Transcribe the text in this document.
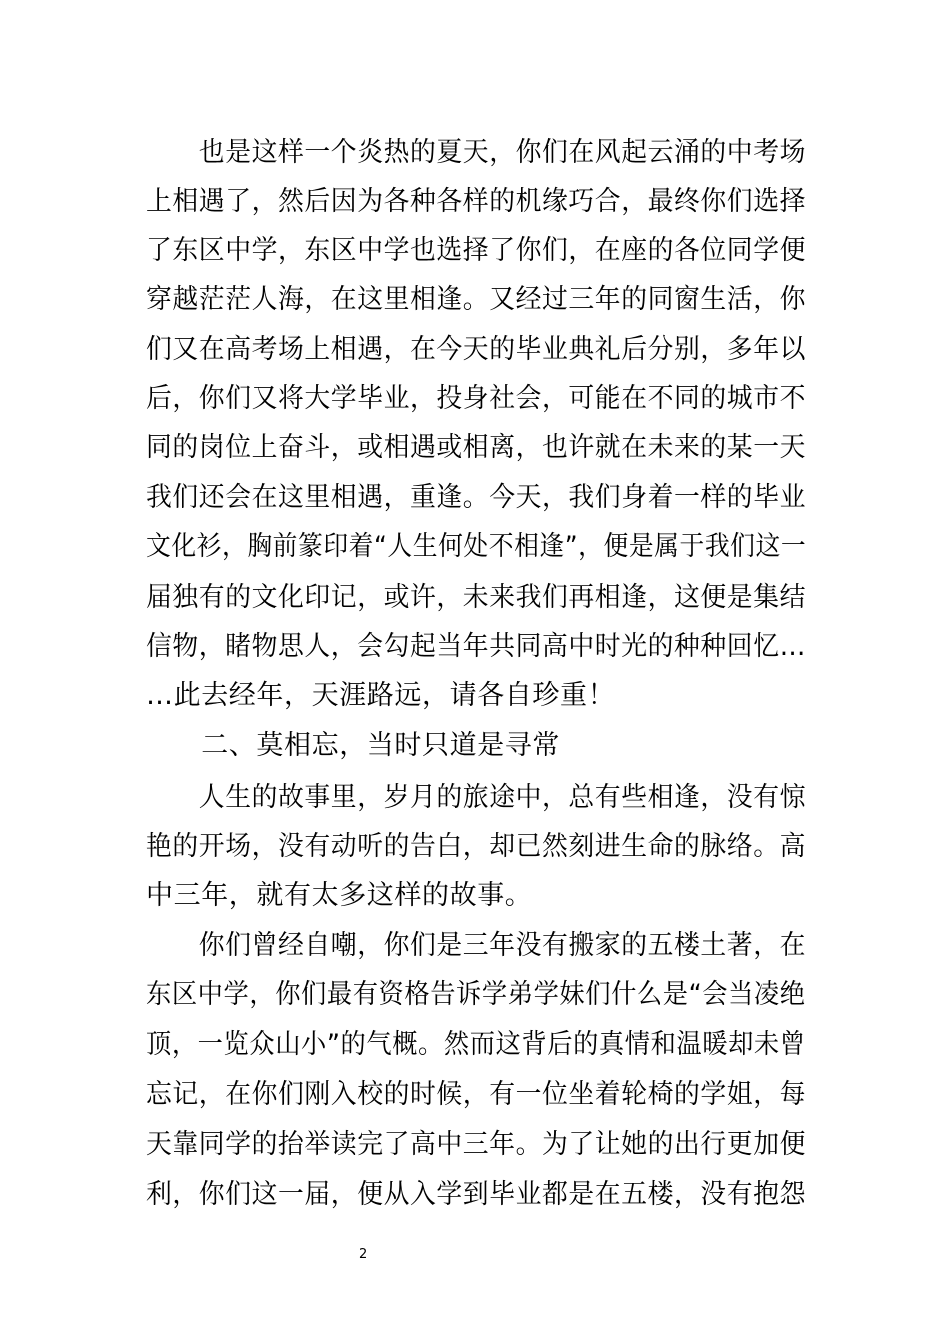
　　也是这样一个炎热的夏天，你们在风起云涌的中考场
上相遇了，然后因为各种各样的机缘巧合，最终你们选择
了东区中学，东区中学也选择了你们，在座的各位同学便
穿越茫茫人海，在这里相逢。又经过三年的同窗生活，你
们又在高考场上相遇，在今天的毕业典礼后分别，多年以
后，你们又将大学毕业，投身社会，可能在不同的城市不
同的岗位上奋斗，或相遇或相离，也许就在未来的某一天
我们还会在这里相遇，重逢。今天，我们身着一样的毕业
文化衫，胸前篆印着“人生何处不相逢”，便是属于我们这一
届独有的文化印记，或许，未来我们再相逢，这便是集结
信物，睹物思人，会勾起当年共同高中时光的种种回忆…
…此去经年，天涯路远，请各自珍重！
　　二、莫相忘，当时只道是寻常
　　人生的故事里，岁月的旅途中，总有些相逢，没有惊
艳的开场，没有动听的告白，却已然刻进生命的脉络。高
中三年，就有太多这样的故事。
　　你们曾经自嘲，你们是三年没有搬家的五楼土著，在
东区中学，你们最有资格告诉学弟学妹们什么是“会当凌绝
顶，一览众山小”的气概。然而这背后的真情和温暖却未曾
忘记，在你们刚入校的时候，有一位坐着轮椅的学姐，每
天靠同学的抬举读完了高中三年。为了让她的出行更加便
利，你们这一届，便从入学到毕业都是在五楼，没有抱怨
2
